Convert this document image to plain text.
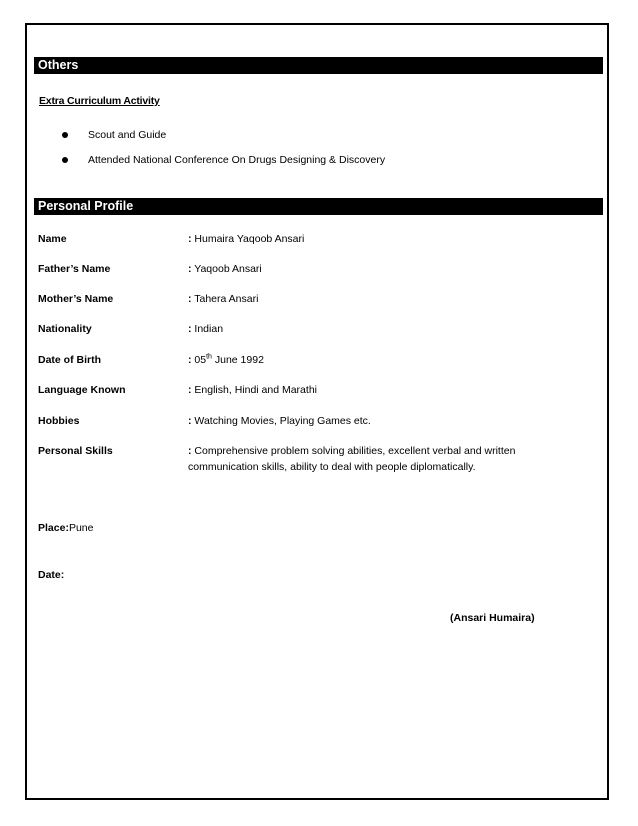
Others
Extra Curriculum Activity
Scout and Guide
Attended National Conference On Drugs Designing & Discovery
Personal Profile
Name	: Humaira Yaqoob Ansari
Father’s Name	: Yaqoob Ansari
Mother’s Name	: Tahera Ansari
Nationality	: Indian
Date of Birth	: 05th June 1992
Language Known	: English, Hindi and Marathi
Hobbies	: Watching Movies, Playing Games etc.
Personal Skills	: Comprehensive problem solving abilities, excellent verbal and written communication skills, ability to deal with people diplomatically.
Place:Pune
Date:
(Ansari Humaira)
